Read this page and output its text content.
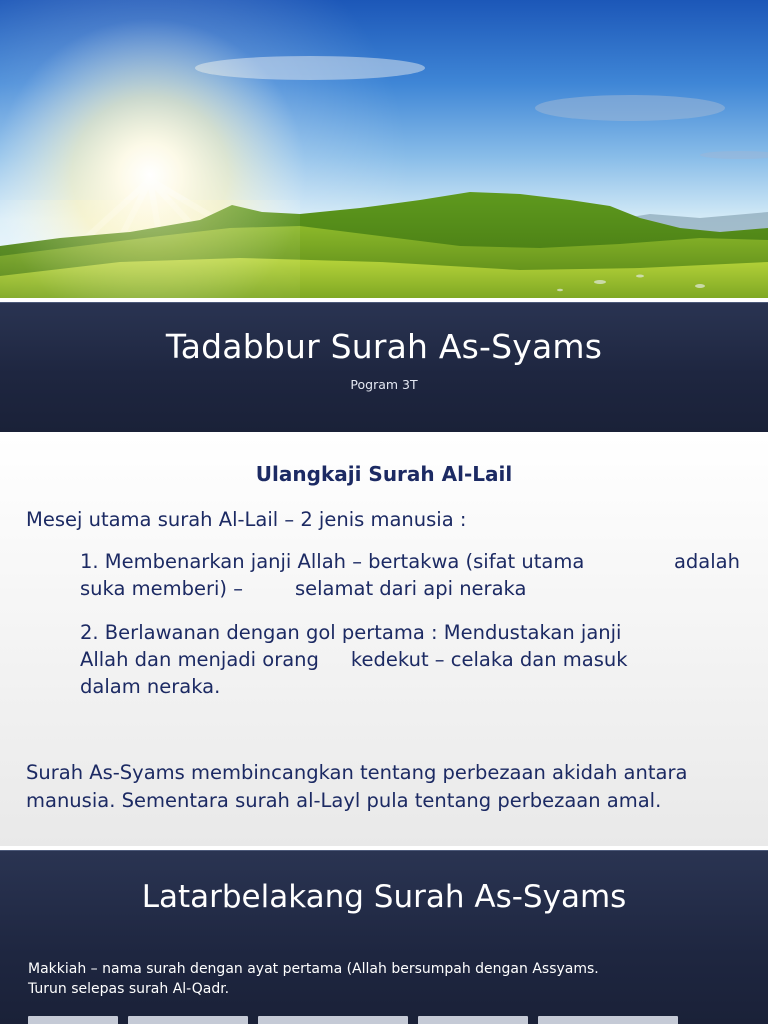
Tadabbur Surah As-Syams
Pogram 3T
Ulangkaji Surah Al-Lail
Mesej utama surah Al-Lail – 2 jenis manusia :
1. Membenarkan janji Allah – bertakwa (sifat utama	adalah
suka memberi) –	selamat dari api neraka
2. Berlawanan dengan gol pertama : Mendustakan janji
Allah dan menjadi orang kedekut – celaka dan masuk
dalam neraka.
Surah As-Syams membincangkan tentang perbezaan akidah antara manusia. Sementara surah al-Layl pula tentang perbezaan amal.
Latarbelakang Surah As-Syams
Makkiah – nama surah dengan ayat pertama (Allah bersumpah dengan Assyams.
Turun selepas surah Al-Qadr.
